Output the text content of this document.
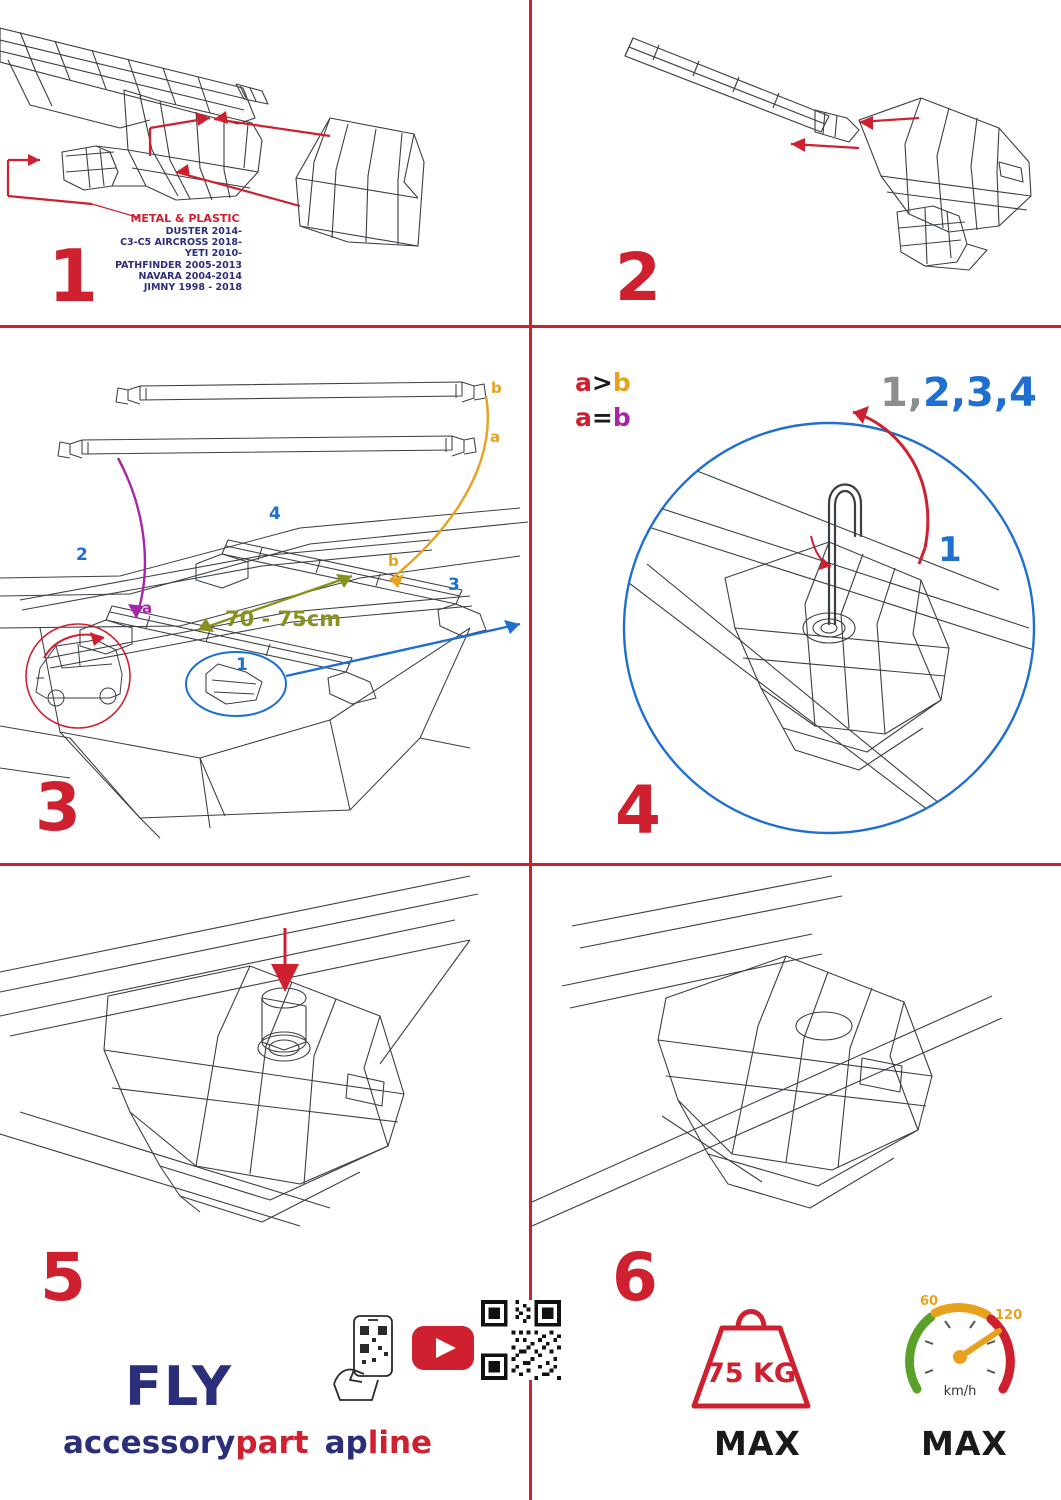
METAL & PLASTIC
DUSTER 2014-
C3-C5 AIRCROSS 2018-
YETI 2010-
PATHFINDER 2005-2013
NAVARA 2004-2014
JIMNY 1998 - 2018
1	2
b
a
b
a
2
4
3
1
70 - 75cm
a>b
a=b
3
1,2,3,4
1
4
5
FLY
accessorypart apline
6
75 KG
MAX
60
120
km/h
MAX
